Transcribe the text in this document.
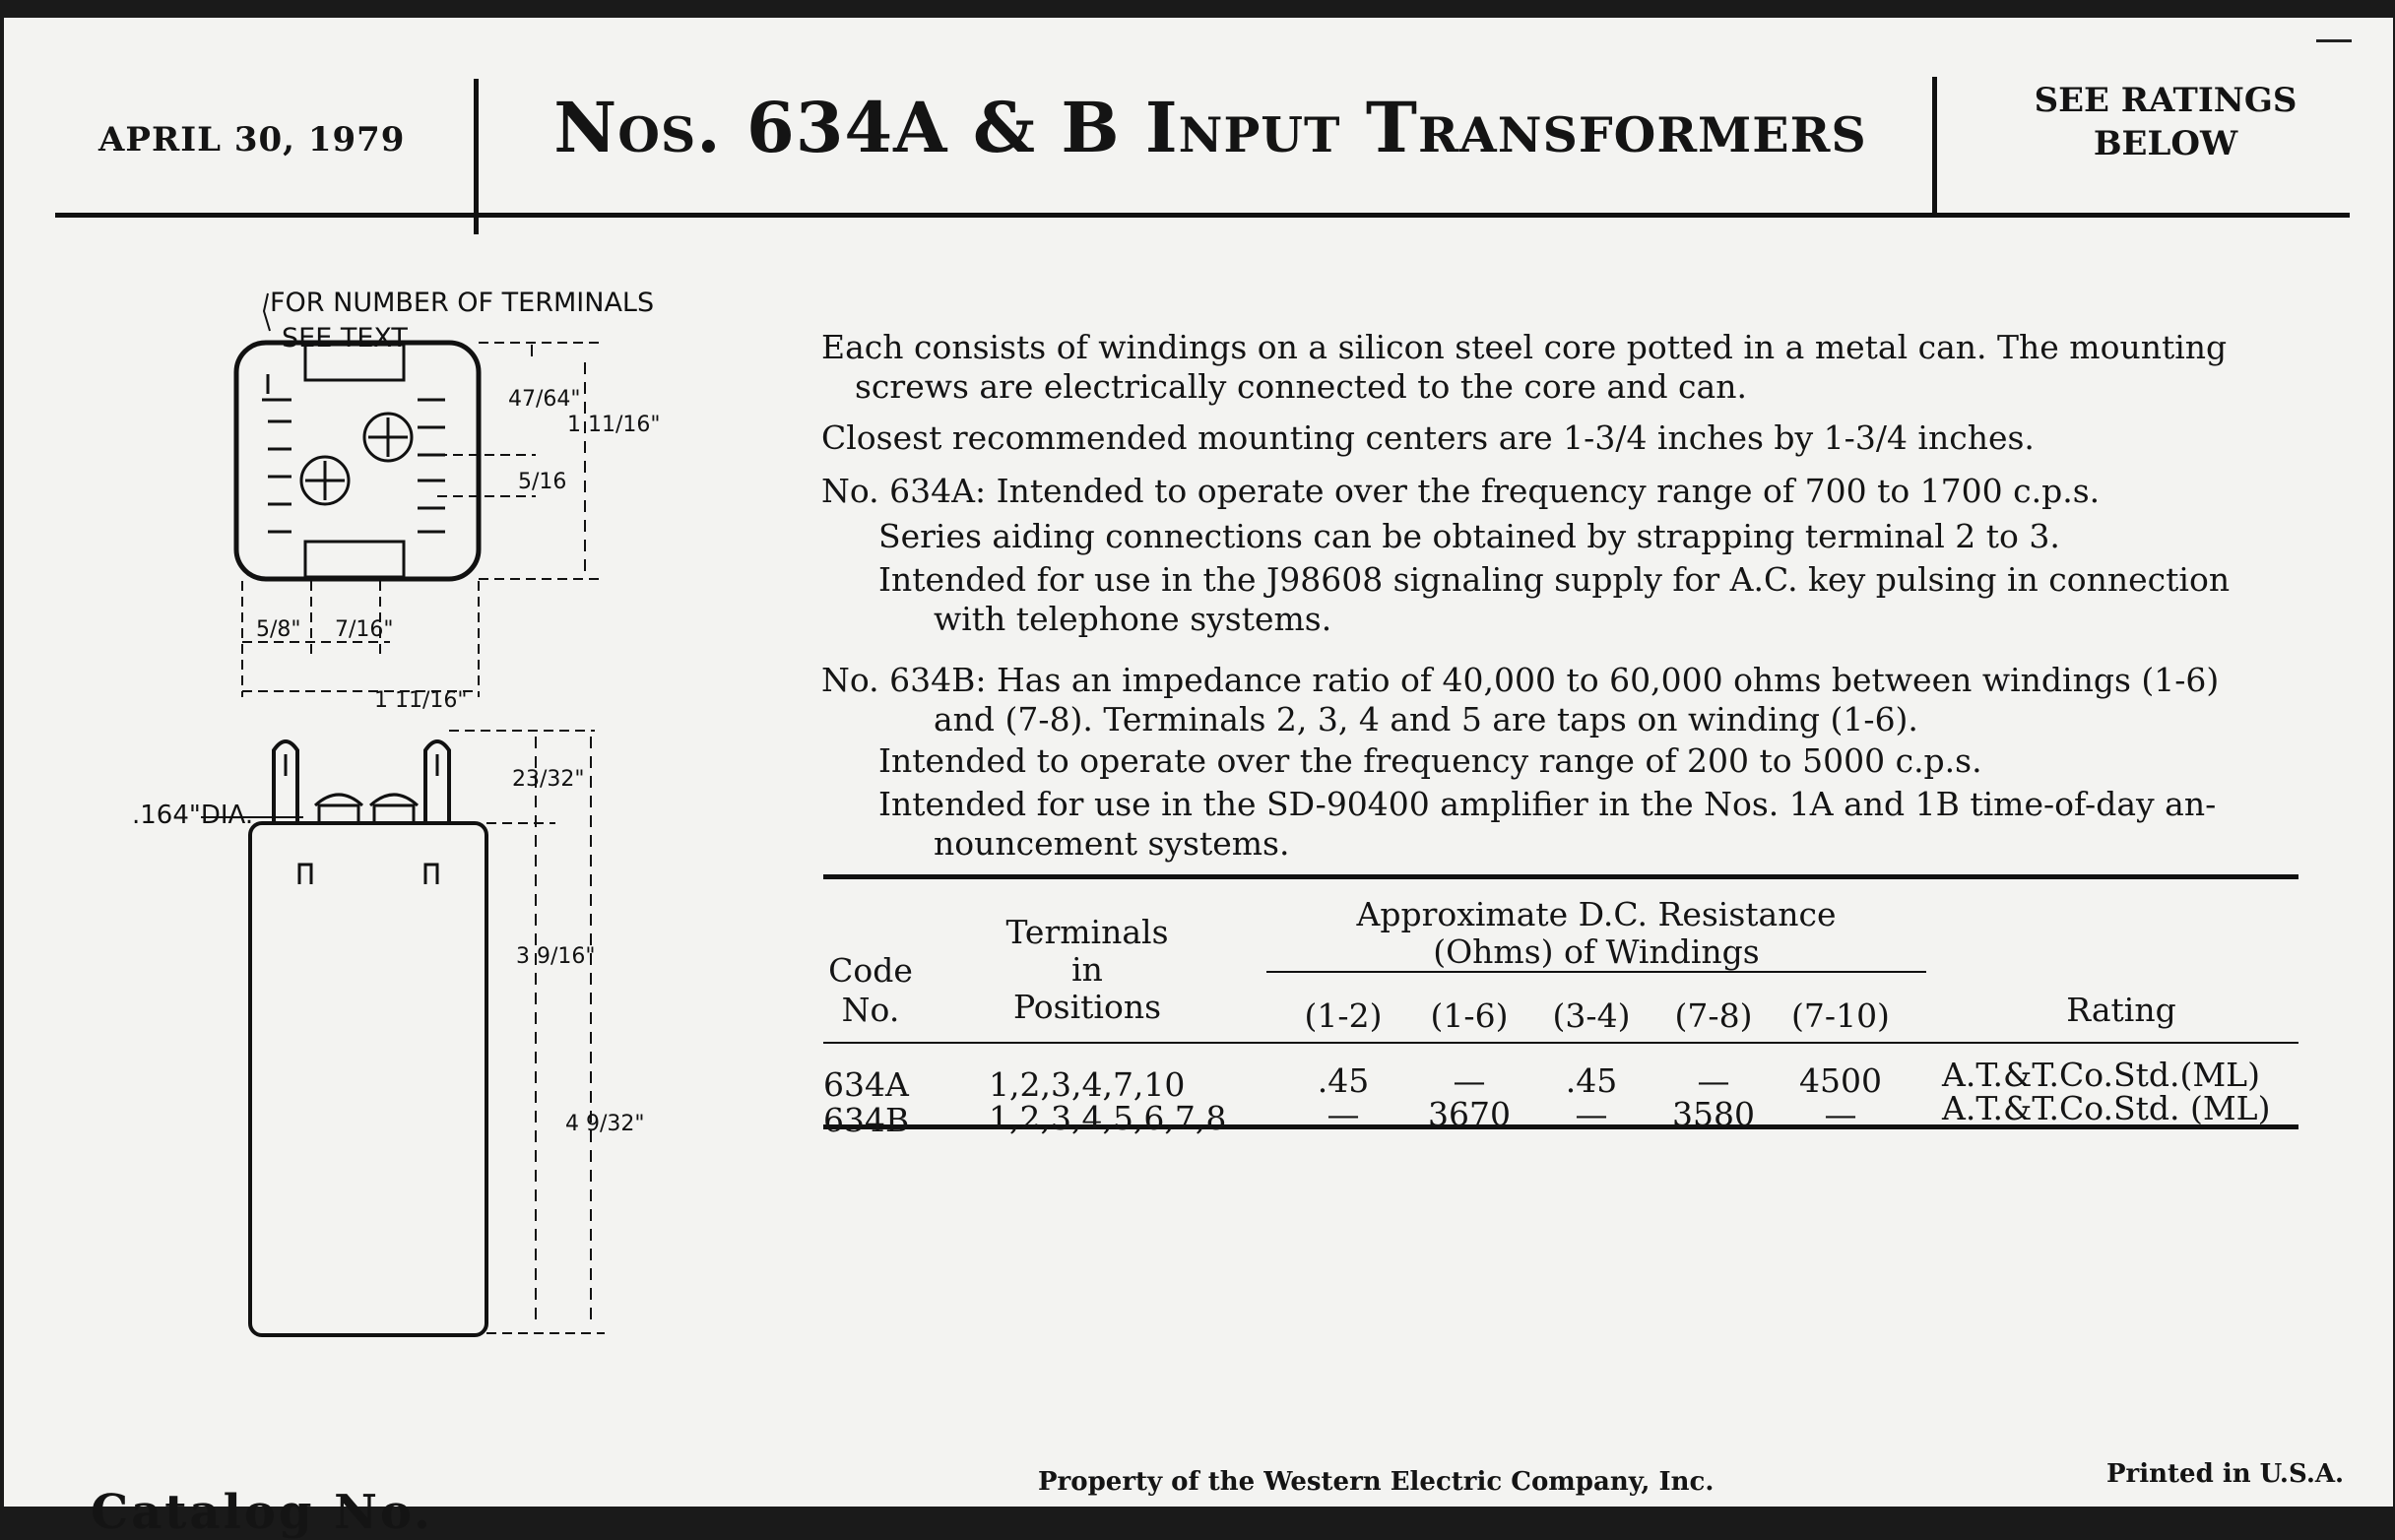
APRIL 30, 1979	Nos. 634A & B Input Transformers	SEE RATINGS
BELOW
FOR NUMBER OF TERMINALS
SEE TEXT
47/64"
1 11/16"
5/16
5/8" 7/16"
1 11/16"
.164"DIA.
23/32"
3 9/16"
4 9/32"
Each consists of windings on a silicon steel core potted in a metal can. The mounting
screws are electrically connected to the core and can.
Closest recommended mounting centers are 1-3/4 inches by 1-3/4 inches.
No. 634A: Intended to operate over the frequency range of 700 to 1700 c.p.s.
Series aiding connections can be obtained by strapping terminal 2 to 3.
Intended for use in the J98608 signaling supply for A.C. key pulsing in connection
with telephone systems.
No. 634B: Has an impedance ratio of 40,000 to 60,000 ohms between windings (1-6)
and (7-8). Terminals 2, 3, 4 and 5 are taps on winding (1-6).
Intended to operate over the frequency range of 200 to 5000 c.p.s.
Intended for use in the SD-90400 amplifier in the Nos. 1A and 1B time-of-day an-
nouncement systems.
Code
No.
Terminals
in
Positions
Approximate D.C. Resistance
(Ohms) of Windings
(1-2)	(1-6)	(3-4)	(7-8)	(7-10)	Rating
634A 1,2,3,4,7,10	.45	—	.45	—	4500	A.T.&T.Co.Std.(ML)
634B 1,2,3,4,5,6,7,8	—	3670	—	3580	—	A.T.&T.Co.Std. (ML)
Property of the Western Electric Company, Inc.	Printed in U.S.A.
Catalog No.
